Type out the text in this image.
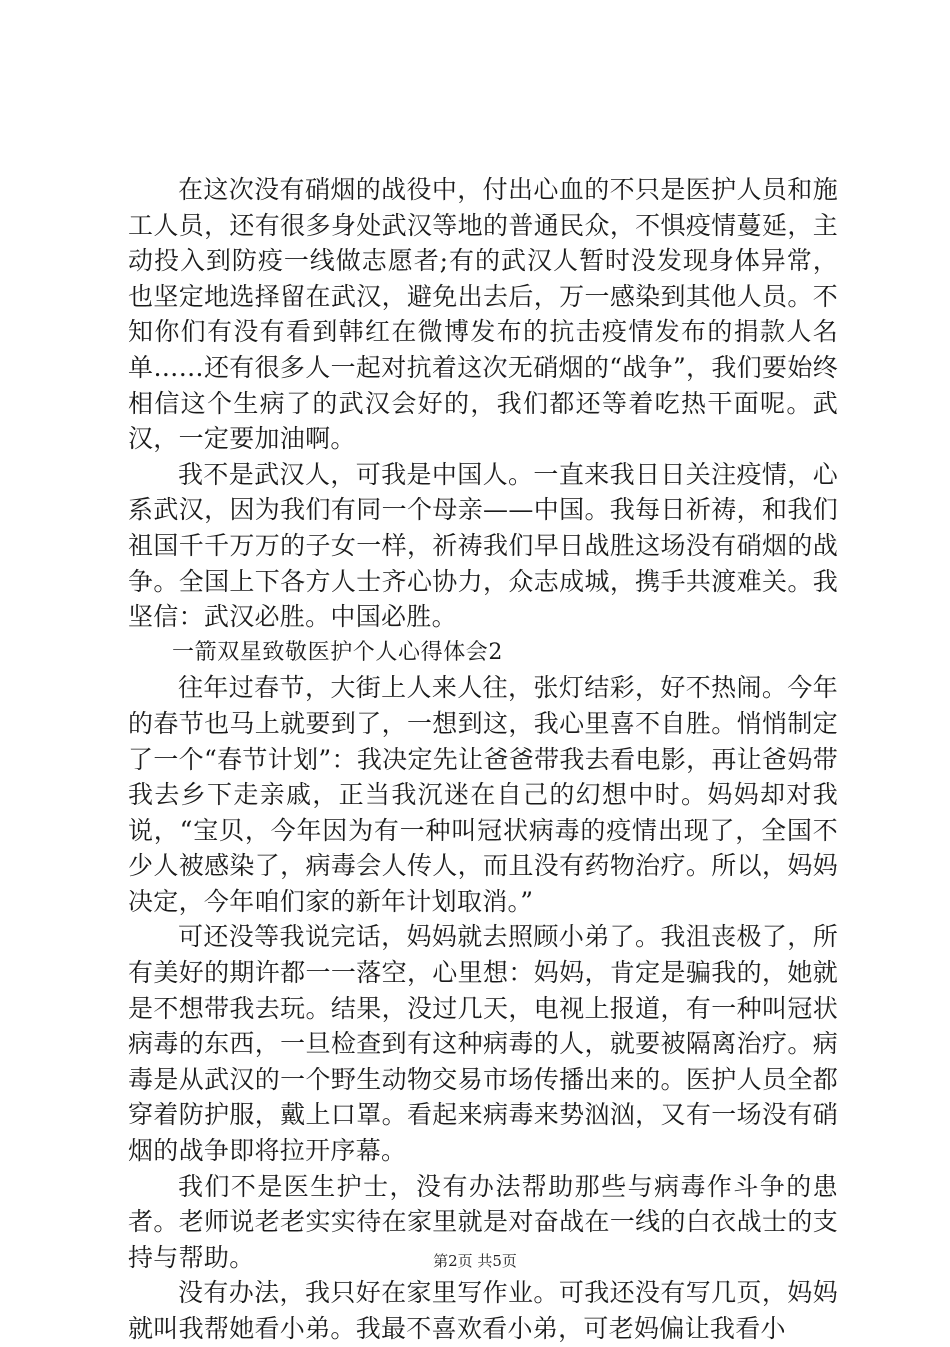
在这次没有硝烟的战役中，付出心血的不只是医护人员和施工人员，还有很多身处武汉等地的普通民众，不惧疫情蔓延，主动投入到防疫一线做志愿者;有的武汉人暂时没发现身体异常，也坚定地选择留在武汉，避免出去后，万一感染到其他人员。不知你们有没有看到韩红在微博发布的抗击疫情发布的捐款人名单……还有很多人一起对抗着这次无硝烟的“战争”，我们要始终相信这个生病了的武汉会好的，我们都还等着吃热干面呢。武汉，一定要加油啊。

我不是武汉人，可我是中国人。一直来我日日关注疫情，心系武汉，因为我们有同一个母亲——中国。我每日祈祷，和我们祖国千千万万的子女一样，祈祷我们早日战胜这场没有硝烟的战争。全国上下各方人士齐心协力，众志成城，携手共渡难关。我坚信：武汉必胜。中国必胜。

一箭双星致敬医护个人心得体会2

往年过春节，大街上人来人往，张灯结彩，好不热闹。今年的春节也马上就要到了，一想到这，我心里喜不自胜。悄悄制定了一个“春节计划”：我决定先让爸爸带我去看电影，再让爸妈带我去乡下走亲戚，正当我沉迷在自己的幻想中时。妈妈却对我说，“宝贝，今年因为有一种叫冠状病毒的疫情出现了，全国不少人被感染了，病毒会人传人，而且没有药物治疗。所以，妈妈决定，今年咱们家的新年计划取消。”

可还没等我说完话，妈妈就去照顾小弟了。我沮丧极了，所有美好的期许都一一落空，心里想：妈妈，肯定是骗我的，她就是不想带我去玩。结果，没过几天，电视上报道，有一种叫冠状病毒的东西，一旦检查到有这种病毒的人，就要被隔离治疗。病毒是从武汉的一个野生动物交易市场传播出来的。医护人员全都穿着防护服，戴上口罩。看起来病毒来势汹汹，又有一场没有硝烟的战争即将拉开序幕。

我们不是医生护士，没有办法帮助那些与病毒作斗争的患者。老师说老老实实待在家里就是对奋战在一线的白衣战士的支持与帮助。

没有办法，我只好在家里写作业。可我还没有写几页，妈妈就叫我帮她看小弟。我最不喜欢看小弟，可老妈偏让我看小

第2页 共5页
